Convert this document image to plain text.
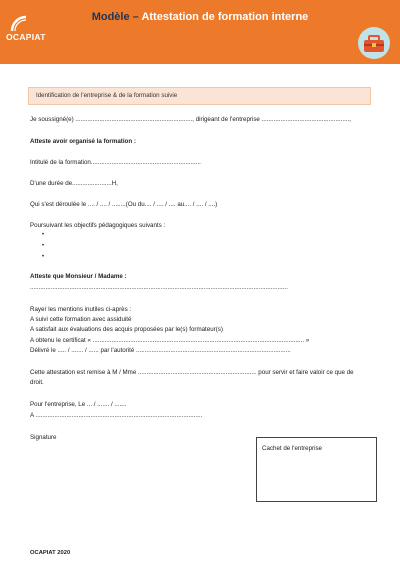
OCAPIAT
Modèle – Attestation de formation interne
Identification de l'entreprise & de la formation suivie
Je soussigné(e) ...................................................................., dirigeant de l'entreprise ...................................................,
Atteste avoir organisé la formation :
Intitulé de la formation................................................................
D'une durée de.......................H,
Qui s'est déroulée le .... / .... / ........(Ou du.... / .... / .... au.... / .... / ....)
Poursuivant les objectifs pédagogiques suivants :
•
•
•
Atteste que Monsieur / Madame :
......................................................................................................................................................
Rayer les mentions inutiles ci-après :
A suivi cette formation avec assiduité
A satisfait aux évaluations des acquis proposées par le(s) formateur(s)
A obtenu le certificat « ........................................................................................................................... »
Délivré le ..... / ....... / ...... par l'autorité ..........................................................................................
Cette attestation est remise à M / Mme ..................................................................... pour servir et faire valoir ce que de
droit.
Pour l'entreprise, Le ... / ....... / .......
A .................................................................................................
Signature
Cachet de l'entreprise
OCAPIAT 2020
